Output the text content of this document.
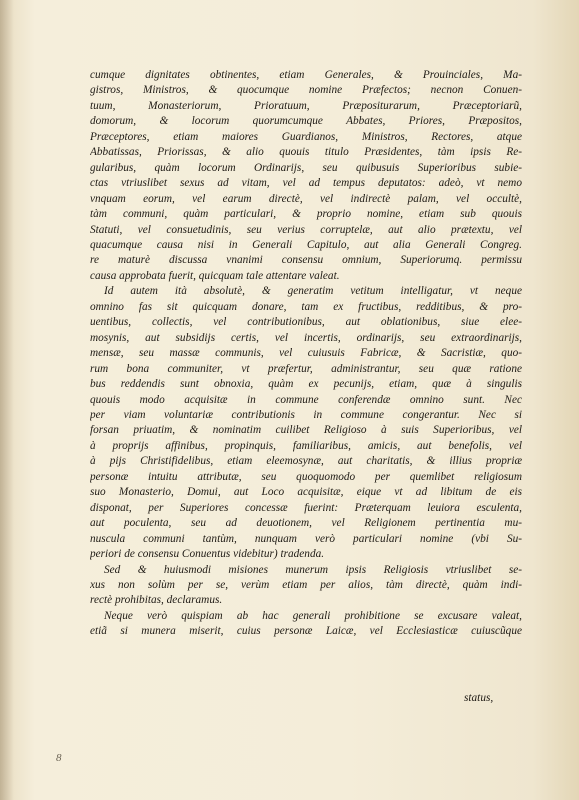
cumque dignitates obtinentes, etiam Generales, & Prouinciales, Ma-
gistros, Ministros, & quocumque nomine Præfectos; necnon Conuen-
tuum, Monasteriorum, Prioratuum, Præpositurarum, Præceptoriarũ,
domorum, & locorum quorumcumque Abbates, Priores, Præpositos,
Præceptores, etiam maiores Guardianos, Ministros, Rectores, atque
Abbatissas, Priorissas, & alio quouis titulo Præsidentes, tàm ipsis Re-
gularibus, quàm locorum Ordinarijs, seu quibusuis Superioribus subie-
ctas vtriuslibet sexus ad vitam, vel ad tempus deputatos: adeò, vt nemo
vnquam eorum, vel earum directè, vel indirectè palam, vel occultè,
tàm communi, quàm particulari, & proprio nomine, etiam sub quouis
Statuti, vel consuetudinis, seu verius corruptelæ, aut alio prætextu, vel
quacumque causa nisi in Generali Capitulo, aut alia Generali Congreg.
re maturè discussa vnanimi consensu omnium, Superiorumq. permissu
causa approbata fuerit, quicquam tale attentare valeat.
Id autem ità absolutè, & generatim vetitum intelligatur, vt neque
omnino fas sit quicquam donare, tam ex fructibus, redditibus, & pro-
uentibus, collectis, vel contributionibus, aut oblationibus, siue elee-
mosynis, aut subsidijs certis, vel incertis, ordinarijs, seu extraordinarijs,
mensæ, seu massæ communis, vel cuiusuis Fabricæ, & Sacristiæ, quo-
rum bona communiter, vt præfertur, administrantur, seu quæ ratione
bus reddendis sunt obnoxia, quàm ex pecunijs, etiam, quæ à singulis
quouis modo acquisitæ in commune conferendæ omnino sunt. Nec
per viam voluntariæ contributionis in commune congerantur. Nec si
forsan priuatim, & nominatim cuilibet Religioso à suis Superioribus, vel
à proprijs affinibus, propinquis, familiaribus, amicis, aut benefolis, vel
à pijs Christifidelibus, etiam eleemosynæ, aut charitatis, & illius propriæ
personæ intuitu attributæ, seu quoquomodo per quemlibet religiosum
suo Monasterio, Domui, aut Loco acquisitæ, eique vt ad libitum de eis
disponat, per Superiores concessæ fuerint: Præterquam leuiora esculenta,
aut poculenta, seu ad deuotionem, vel Religionem pertinentia mu-
nuscula communi tantùm, nunquam verò particulari nomine (vbi Su-
periori de consensu Conuentus videbitur) tradenda.
Sed & huiusmodi misiones munerum ipsis Religiosis vtriuslibet se-
xus non solùm per se, verùm etiam per alios, tàm directè, quàm indi-
rectè prohibitas, declaramus.
Neque verò quispiam ab hac generali prohibitione se excusare valeat,
etiã si munera miserit, cuius personæ Laicæ, vel Ecclesiasticæ cuiuscũque
status,
8
